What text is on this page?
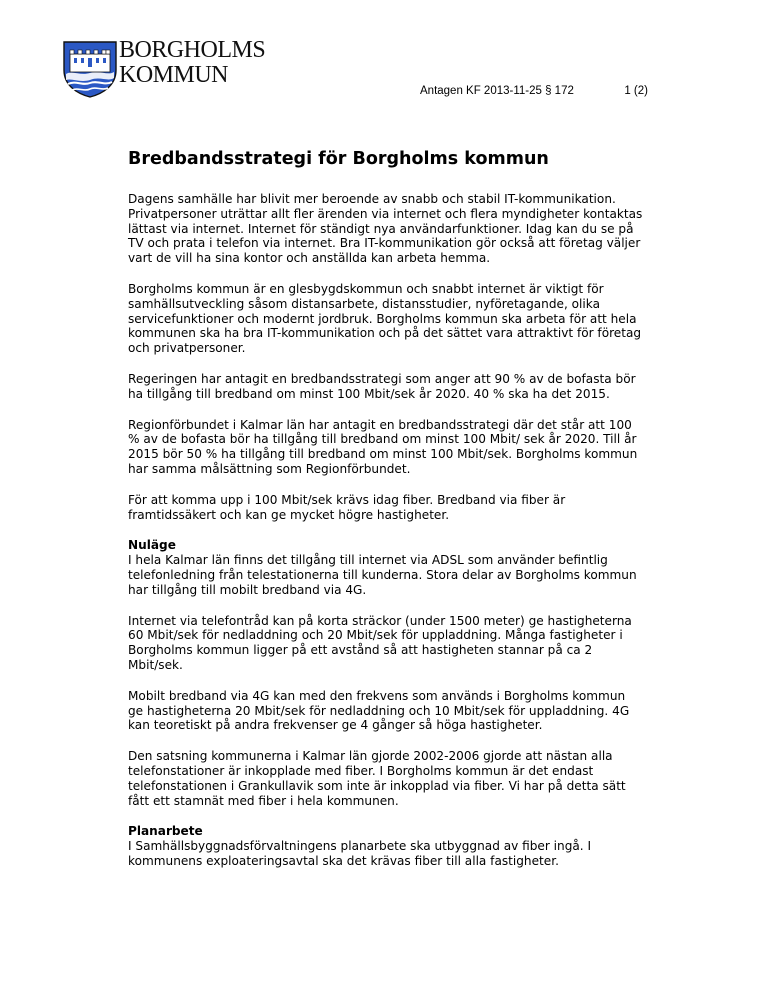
BORGHOLMS
KOMMUN
Antagen KF 2013-11-25 § 172	1 (2)
Bredbandsstrategi för Borgholms kommun

Dagens samhälle har blivit mer beroende av snabb och stabil IT-kommunikation. Privatpersoner uträttar allt fler ärenden via internet och flera myndigheter kontaktas lättast via internet. Internet för ständigt nya användarfunktioner. Idag kan du se på TV och prata i telefon via internet. Bra IT-kommunikation gör också att företag väljer vart de vill ha sina kontor och anställda kan arbeta hemma.

Borgholms kommun är en glesbygdskommun och snabbt internet är viktigt för samhällsutveckling såsom distansarbete, distansstudier, nyföretagande, olika servicefunktioner och modernt jordbruk. Borgholms kommun ska arbeta för att hela kommunen ska ha bra IT-kommunikation och på det sättet vara attraktivt för företag och privatpersoner.

Regeringen har antagit en bredbandsstrategi som anger att 90 % av de bofasta bör ha tillgång till bredband om minst 100 Mbit/sek år 2020. 40 % ska ha det 2015.

Regionförbundet i Kalmar län har antagit en bredbandsstrategi där det står att 100 % av de bofasta bör ha tillgång till bredband om minst 100 Mbit/ sek år 2020. Till år 2015 bör 50 % ha tillgång till bredband om minst 100 Mbit/sek. Borgholms kommun har samma målsättning som Regionförbundet.

För att komma upp i 100 Mbit/sek krävs idag fiber. Bredband via fiber är framtidssäkert och kan ge mycket högre hastigheter.

Nuläge
I hela Kalmar län finns det tillgång till internet via ADSL som använder befintlig telefonledning från telestationerna till kunderna. Stora delar av Borgholms kommun har tillgång till mobilt bredband via 4G.

Internet via telefontråd kan på korta sträckor (under 1500 meter) ge hastigheterna 60 Mbit/sek för nedladdning och 20 Mbit/sek för uppladdning. Många fastigheter i Borgholms kommun ligger på ett avstånd så att hastigheten stannar på ca 2 Mbit/sek.

Mobilt bredband via 4G kan med den frekvens som används i Borgholms kommun ge hastigheterna 20 Mbit/sek för nedladdning och 10 Mbit/sek för uppladdning. 4G kan teoretiskt på andra frekvenser ge 4 gånger så höga hastigheter.

Den satsning kommunerna i Kalmar län gjorde 2002-2006 gjorde att nästan alla telefonstationer är inkopplade med fiber. I Borgholms kommun är det endast telefonstationen i Grankullavik som inte är inkopplad via fiber. Vi har på detta sätt fått ett stamnät med fiber i hela kommunen.

Planarbete
I Samhällsbyggnadsförvaltningens planarbete ska utbyggnad av fiber ingå. I kommunens exploateringsavtal ska det krävas fiber till alla fastigheter.
